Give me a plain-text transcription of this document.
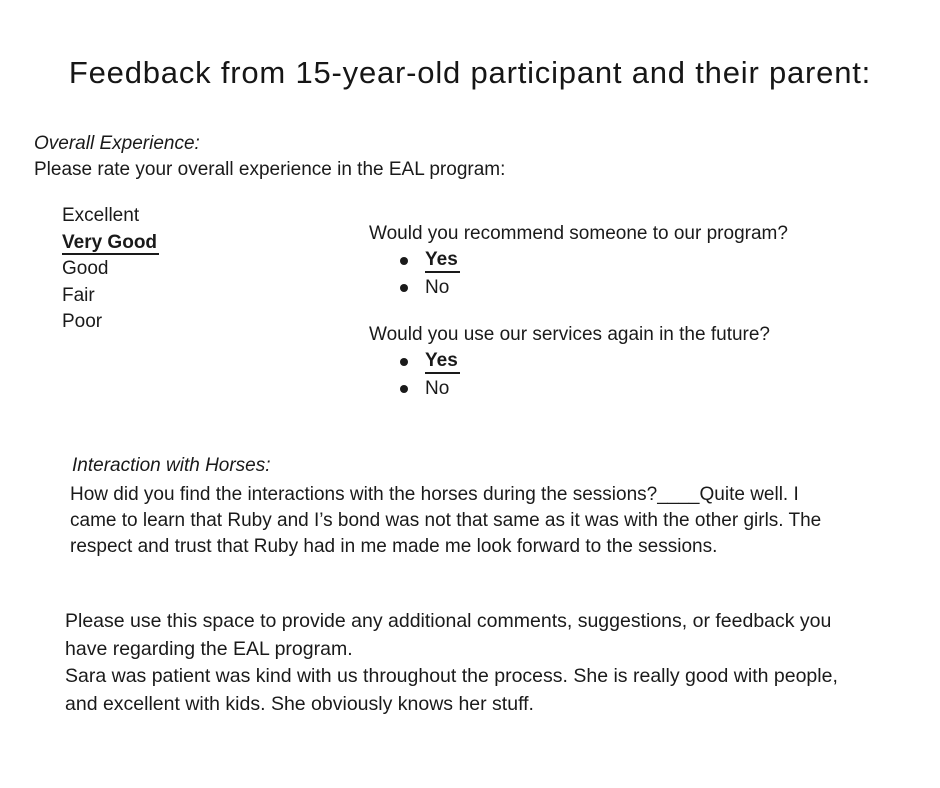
Feedback from 15-year-old participant and their parent:
Overall Experience:
Please rate your overall experience in the EAL program:
Excellent
Very Good
Good
Fair
Poor

Would you recommend someone to our program?

Yes
No

Would you use our services again in the future?

Yes
No
Interaction with Horses:

How did you find the interactions with the horses during the sessions?____Quite well. I came to learn that Ruby and I’s bond was not that same as it was with the other girls. The respect and trust that Ruby had in me made me look forward to the sessions.

Please use this space to provide any additional comments, suggestions, or feedback you have regarding the EAL program.

Sara was patient was kind with us throughout the process. She is really good with people, and excellent with kids. She obviously knows her stuff.
